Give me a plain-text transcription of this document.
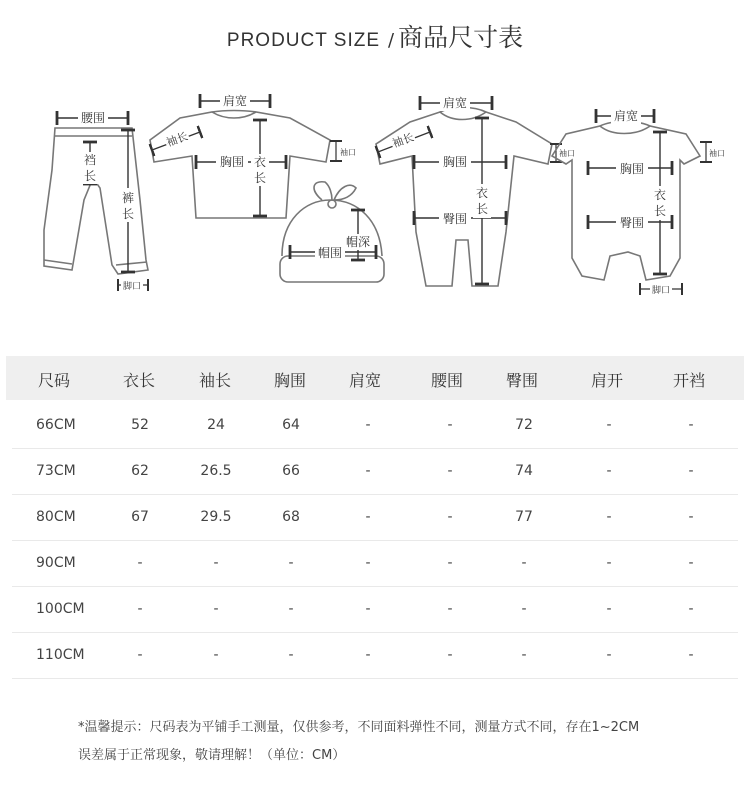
PRODUCT SIZE / 商品尺寸表
腰围
裆
长
裤
长
脚口
肩宽
袖长
袖口
胸围 衣
长
帽围
帽深
肩宽
袖长
袖口
胸围
臀围
衣
长
肩宽
袖口
胸围
臀围
衣
长
脚口
尺码	衣长	袖长	胸围	肩宽	腰围	臀围	肩开	开裆
66CM	52	24	64	-	-	72	-	-
73CM	62	26.5	66	-	-	74	-	-
80CM	67	29.5	68	-	-	77	-	-
90CM	-	-	-	-	-	-	-	-
100CM	-	-	-	-	-	-	-	-
110CM	-	-	-	-	-	-	-	-
*温馨提示：尺码表为平铺手工测量，仅供参考，不同面料弹性不同，测量方式不同，存在1~2CM
误差属于正常现象，敬请理解！（单位：CM）
